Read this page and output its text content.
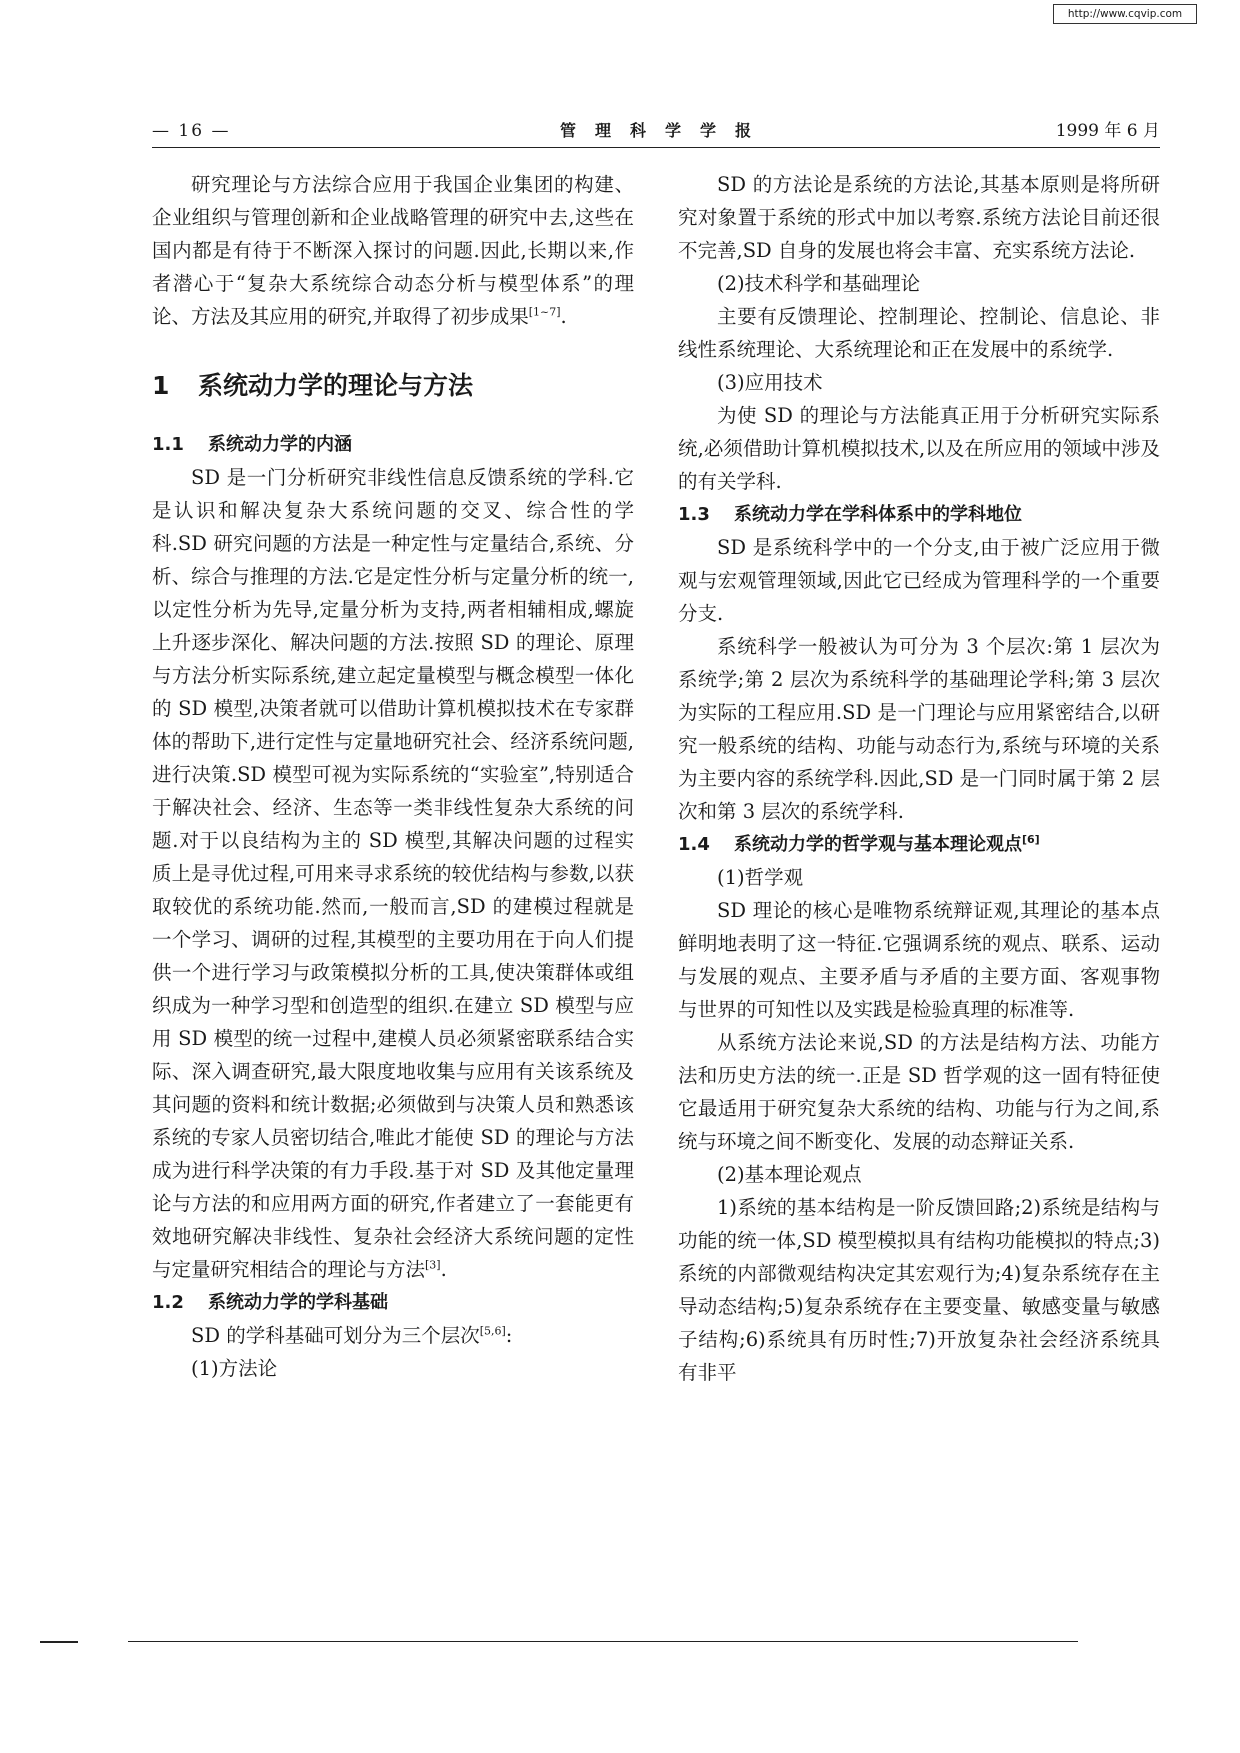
http://www.cqvip.com
— 16 —	管理科学学报	1999 年 6 月

研究理论与方法综合应用于我国企业集团的构建、企业组织与管理创新和企业战略管理的研究中去,这些在国内都是有待于不断深入探讨的问题.因此,长期以来,作者潜心于“复杂大系统综合动态分析与模型体系”的理论、方法及其应用的研究,并取得了初步成果[1~7].

1 系统动力学的理论与方法
1.1 系统动力学的内涵

SD 是一门分析研究非线性信息反馈系统的学科.它是认识和解决复杂大系统问题的交叉、综合性的学科.SD 研究问题的方法是一种定性与定量结合,系统、分析、综合与推理的方法.它是定性分析与定量分析的统一,以定性分析为先导,定量分析为支持,两者相辅相成,螺旋上升逐步深化、解决问题的方法.按照 SD 的理论、原理与方法分析实际系统,建立起定量模型与概念模型一体化的 SD 模型,决策者就可以借助计算机模拟技术在专家群体的帮助下,进行定性与定量地研究社会、经济系统问题,进行决策.SD 模型可视为实际系统的“实验室”,特别适合于解决社会、经济、生态等一类非线性复杂大系统的问题.对于以良结构为主的 SD 模型,其解决问题的过程实质上是寻优过程,可用来寻求系统的较优结构与参数,以获取较优的系统功能.然而,一般而言,SD 的建模过程就是一个学习、调研的过程,其模型的主要功用在于向人们提供一个进行学习与政策模拟分析的工具,使决策群体或组织成为一种学习型和创造型的组织.在建立 SD 模型与应用 SD 模型的统一过程中,建模人员必须紧密联系结合实际、深入调查研究,最大限度地收集与应用有关该系统及其问题的资料和统计数据;必须做到与决策人员和熟悉该系统的专家人员密切结合,唯此才能使 SD 的理论与方法成为进行科学决策的有力手段.基于对 SD 及其他定量理论与方法的和应用两方面的研究,作者建立了一套能更有效地研究解决非线性、复杂社会经济大系统问题的定性与定量研究相结合的理论与方法[3].

1.2 系统动力学的学科基础

SD 的学科基础可划分为三个层次[5,6]:

(1)方法论

SD 的方法论是系统的方法论,其基本原则是将所研究对象置于系统的形式中加以考察.系统方法论目前还很不完善,SD 自身的发展也将会丰富、充实系统方法论.

(2)技术科学和基础理论

主要有反馈理论、控制理论、控制论、信息论、非线性系统理论、大系统理论和正在发展中的系统学.

(3)应用技术

为使 SD 的理论与方法能真正用于分析研究实际系统,必须借助计算机模拟技术,以及在所应用的领域中涉及的有关学科.

1.3 系统动力学在学科体系中的学科地位

SD 是系统科学中的一个分支,由于被广泛应用于微观与宏观管理领域,因此它已经成为管理科学的一个重要分支.

系统科学一般被认为可分为 3 个层次:第 1 层次为系统学;第 2 层次为系统科学的基础理论学科;第 3 层次为实际的工程应用.SD 是一门理论与应用紧密结合,以研究一般系统的结构、功能与动态行为,系统与环境的关系为主要内容的系统学科.因此,SD 是一门同时属于第 2 层次和第 3 层次的系统学科.

1.4 系统动力学的哲学观与基本理论观点[6]

(1)哲学观

SD 理论的核心是唯物系统辩证观,其理论的基本点鲜明地表明了这一特征.它强调系统的观点、联系、运动与发展的观点、主要矛盾与矛盾的主要方面、客观事物与世界的可知性以及实践是检验真理的标准等.

从系统方法论来说,SD 的方法是结构方法、功能方法和历史方法的统一.正是 SD 哲学观的这一固有特征使它最适用于研究复杂大系统的结构、功能与行为之间,系统与环境之间不断变化、发展的动态辩证关系.

(2)基本理论观点

1)系统的基本结构是一阶反馈回路;2)系统是结构与功能的统一体,SD 模型模拟具有结构功能模拟的特点;3)系统的内部微观结构决定其宏观行为;4)复杂系统存在主导动态结构;5)复杂系统存在主要变量、敏感变量与敏感子结构;6)系统具有历时性;7)开放复杂社会经济系统具有非平
